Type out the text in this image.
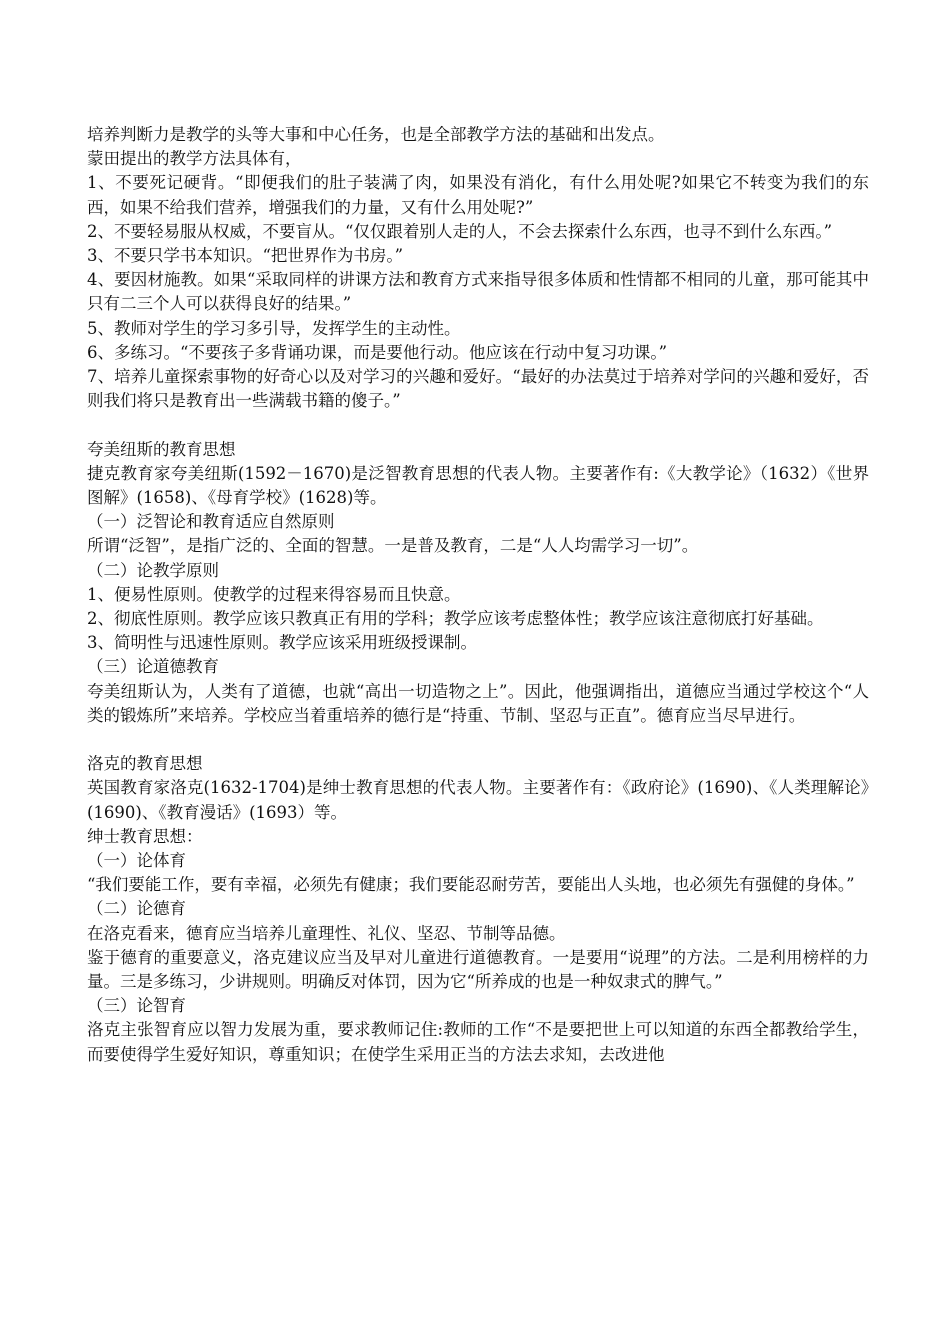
培养判断力是教学的头等大事和中心任务，也是全部教学方法的基础和出发点。

蒙田提出的教学方法具体有，

1、不要死记硬背。“即便我们的肚子装满了肉，如果没有消化，有什么用处呢?如果它不转变为我们的东西，如果不给我们营养，增强我们的力量，又有什么用处呢?”

2、不要轻易服从权威，不要盲从。“仅仅跟着别人走的人，不会去探索什么东西，也寻不到什么东西。”

3、不要只学书本知识。“把世界作为书房。”

4、要因材施教。如果“采取同样的讲课方法和教育方式来指导很多体质和性情都不相同的儿童，那可能其中只有二三个人可以获得良好的结果。”

5、教师对学生的学习多引导，发挥学生的主动性。

6、多练习。“不要孩子多背诵功课，而是要他行动。他应该在行动中复习功课。”

7、培养儿童探索事物的好奇心以及对学习的兴趣和爱好。“最好的办法莫过于培养对学问的兴趣和爱好，否则我们将只是教育出一些满载书籍的傻子。”

夸美纽斯的教育思想

捷克教育家夸美纽斯(1592－1670)是泛智教育思想的代表人物。主要著作有:《大教学论》（1632）《世界图解》(1658)、《母育学校》(1628)等。

（一）泛智论和教育适应自然原则

所谓“泛智”，是指广泛的、全面的智慧。一是普及教育，二是“人人均需学习一切”。

（二）论教学原则

1、便易性原则。使教学的过程来得容易而且快意。

2、彻底性原则。教学应该只教真正有用的学科；教学应该考虑整体性；教学应该注意彻底打好基础。

3、简明性与迅速性原则。教学应该采用班级授课制。

（三）论道德教育

夸美纽斯认为，人类有了道德，也就“高出一切造物之上”。因此，他强调指出，道德应当通过学校这个“人类的锻炼所”来培养。学校应当着重培养的德行是“持重、节制、坚忍与正直”。德育应当尽早进行。

洛克的教育思想

英国教育家洛克(1632-1704)是绅士教育思想的代表人物。主要著作有：《政府论》(1690)、《人类理解论》(1690)、《教育漫话》(1693）等。

绅士教育思想：

（一）论体育

“我们要能工作，要有幸福，必须先有健康；我们要能忍耐劳苦，要能出人头地，也必须先有强健的身体。”

（二）论德育

在洛克看来，德育应当培养儿童理性、礼仪、坚忍、节制等品德。

鉴于德育的重要意义，洛克建议应当及早对儿童进行道德教育。一是要用“说理”的方法。二是利用榜样的力量。三是多练习，少讲规则。明确反对体罚，因为它“所养成的也是一种奴隶式的脾气。”

（三）论智育

洛克主张智育应以智力发展为重，要求教师记住:教师的工作“不是要把世上可以知道的东西全都教给学生，而要使得学生爱好知识，尊重知识；在使学生采用正当的方法去求知，去改进他
